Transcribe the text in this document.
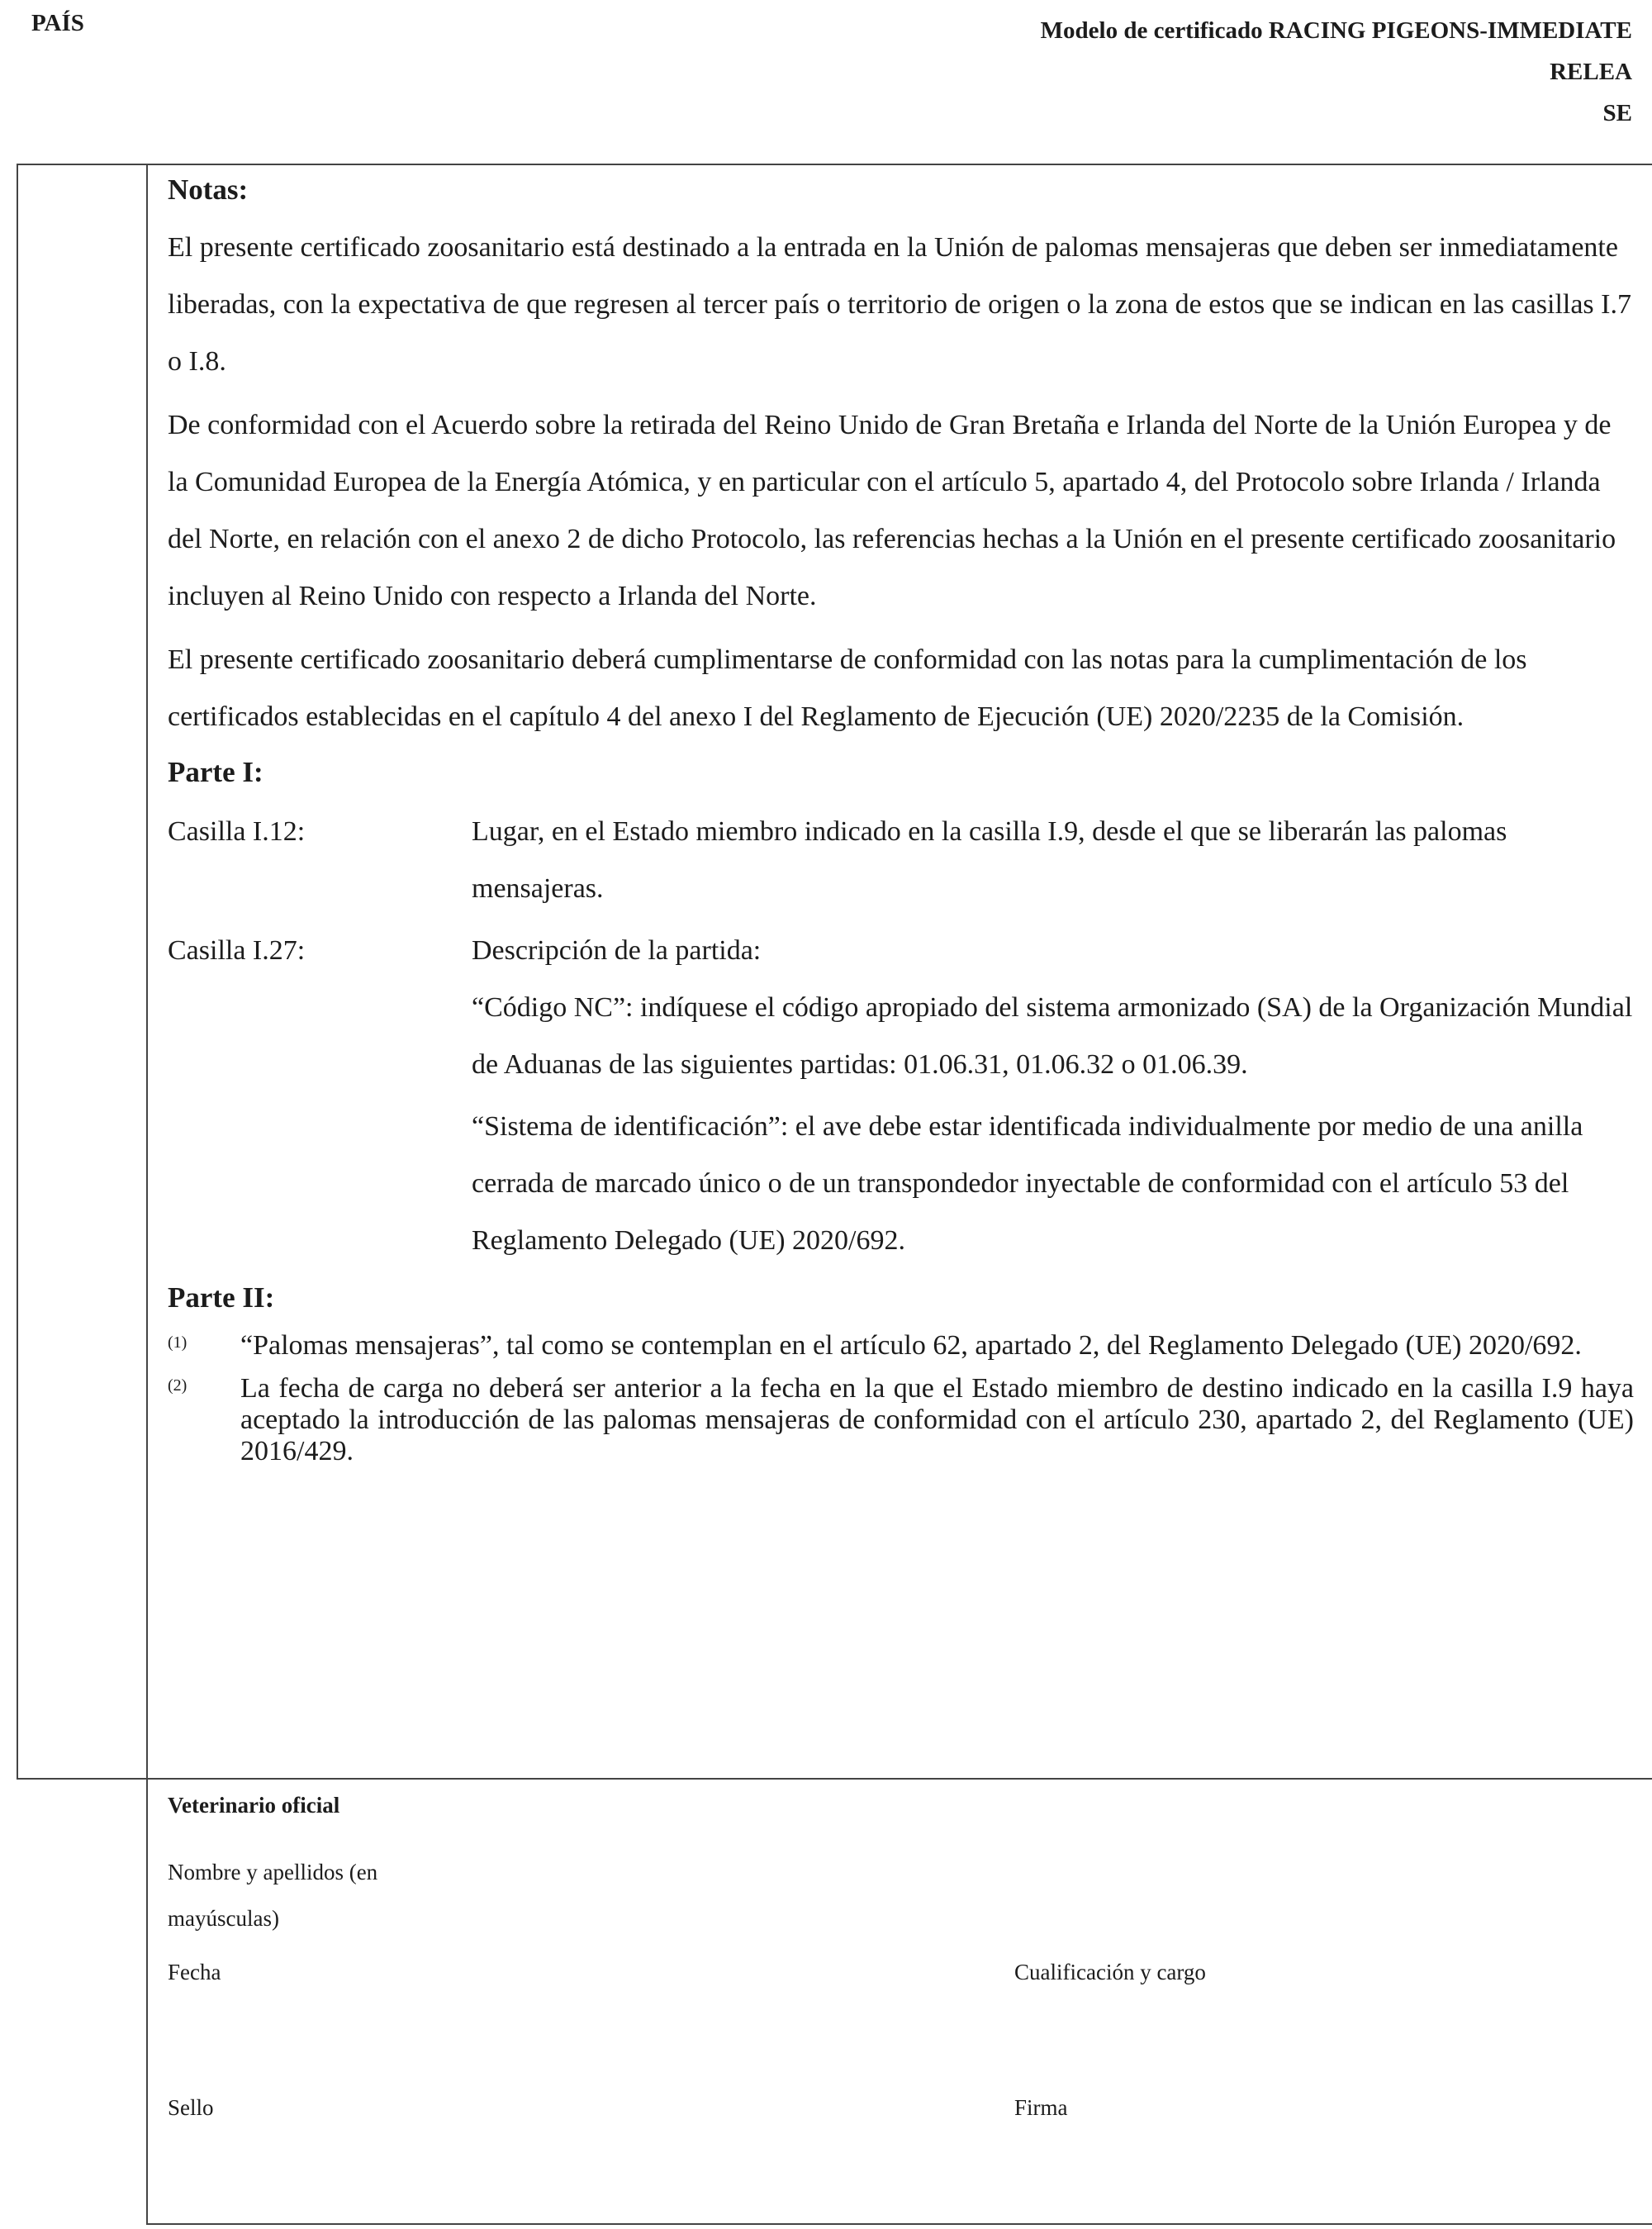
PAÍS	Modelo de certificado RACING PIGEONS-IMMEDIATE
RELEA
SE
Notas:
El presente certificado zoosanitario está destinado a la entrada en la Unión de palomas mensajeras que deben ser inmediatamente liberadas, con la expectativa de que regresen al tercer país o territorio de origen o la zona de estos que se indican en las casillas I.7 o I.8.
De conformidad con el Acuerdo sobre la retirada del Reino Unido de Gran Bretaña e Irlanda del Norte de la Unión Europea y de la Comunidad Europea de la Energía Atómica, y en particular con el artículo 5, apartado 4, del Protocolo sobre Irlanda / Irlanda del Norte, en relación con el anexo 2 de dicho Protocolo, las referencias hechas a la Unión en el presente certificado zoosanitario incluyen al Reino Unido con respecto a Irlanda del Norte.
El presente certificado zoosanitario deberá cumplimentarse de conformidad con las notas para la cumplimentación de los certificados establecidas en el capítulo 4 del anexo I del Reglamento de Ejecución (UE) 2020/2235 de la Comisión.
Parte I:
Casilla I.12:	Lugar, en el Estado miembro indicado en la casilla I.9, desde el que se liberarán las palomas mensajeras.
Casilla I.27:	Descripción de la partida:
“Código NC”: indíquese el código apropiado del sistema armonizado (SA) de la Organización Mundial de Aduanas de las siguientes partidas: 01.06.31, 01.06.32 o 01.06.39.
“Sistema de identificación”: el ave debe estar identificada individualmente por medio de una anilla cerrada de marcado único o de un transpondedor inyectable de conformidad con el artículo 53 del Reglamento Delegado (UE) 2020/692.
Parte II:
(1)	“Palomas mensajeras”, tal como se contemplan en el artículo 62, apartado 2, del Reglamento Delegado (UE) 2020/692.
(2)	La fecha de carga no deberá ser anterior a la fecha en la que el Estado miembro de destino indicado en la casilla I.9 haya aceptado la introducción de las palomas mensajeras de conformidad con el artículo 230, apartado 2, del Reglamento (UE) 2016/429.
Veterinario oficial
Nombre y apellidos (en
mayúsculas)
Fecha	Cualificación y cargo
Sello	Firma
